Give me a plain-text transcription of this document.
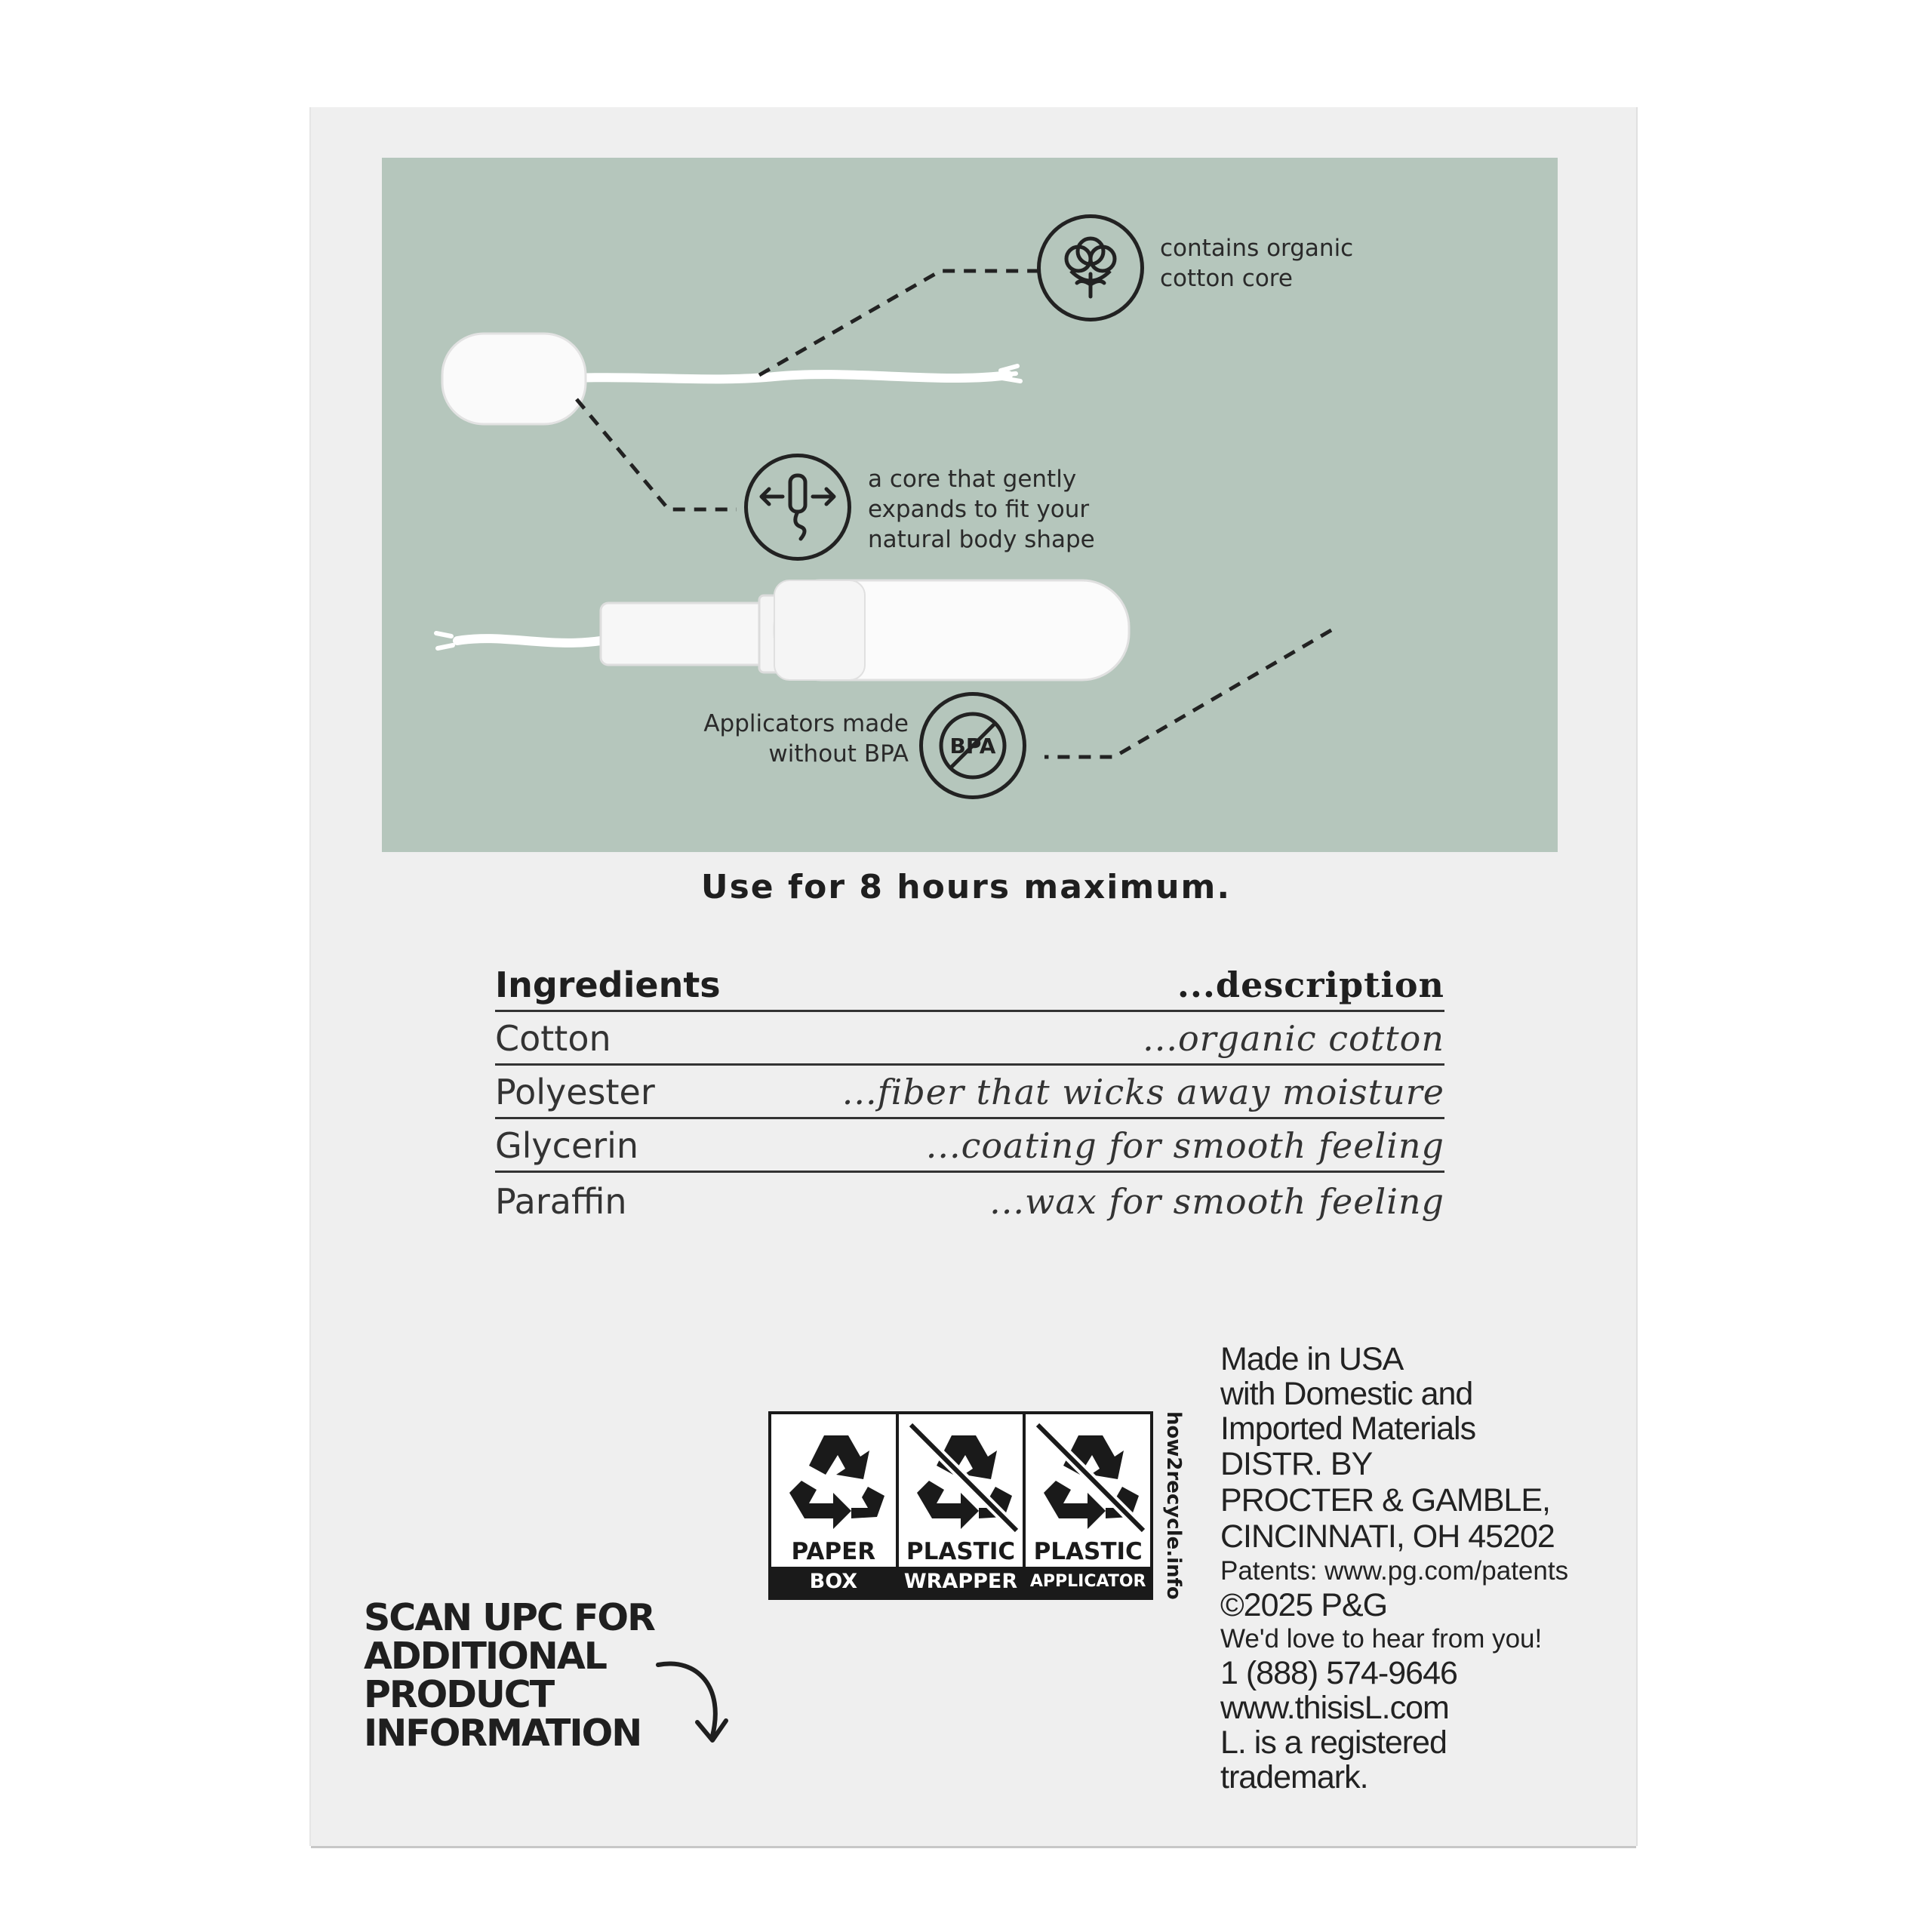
contains organic
cotton core
a core that gently
expands to fit your
natural body shape
BPA
Applicators made
without BPA
Use for 8 hours maximum.
Ingredients	...description
Cotton	...organic cotton
Polyester	...fiber that wicks away moisture
Glycerin	...coating for smooth feeling
Paraffin	...wax for smooth feeling
PAPER
BOX
PLASTIC
WRAPPER
PLASTIC
APPLICATOR how2recycle.info
Made in USA
with Domestic and
Imported Materials
DISTR. BY
PROCTER & GAMBLE,
CINCINNATI, OH 45202
Patents: www.pg.com/patents
©2025 P&G
We'd love to hear from you!
1 (888) 574-9646
www.thisisL.com
L. is a registered
trademark.
SCAN UPC FOR
ADDITIONAL
PRODUCT
INFORMATION
